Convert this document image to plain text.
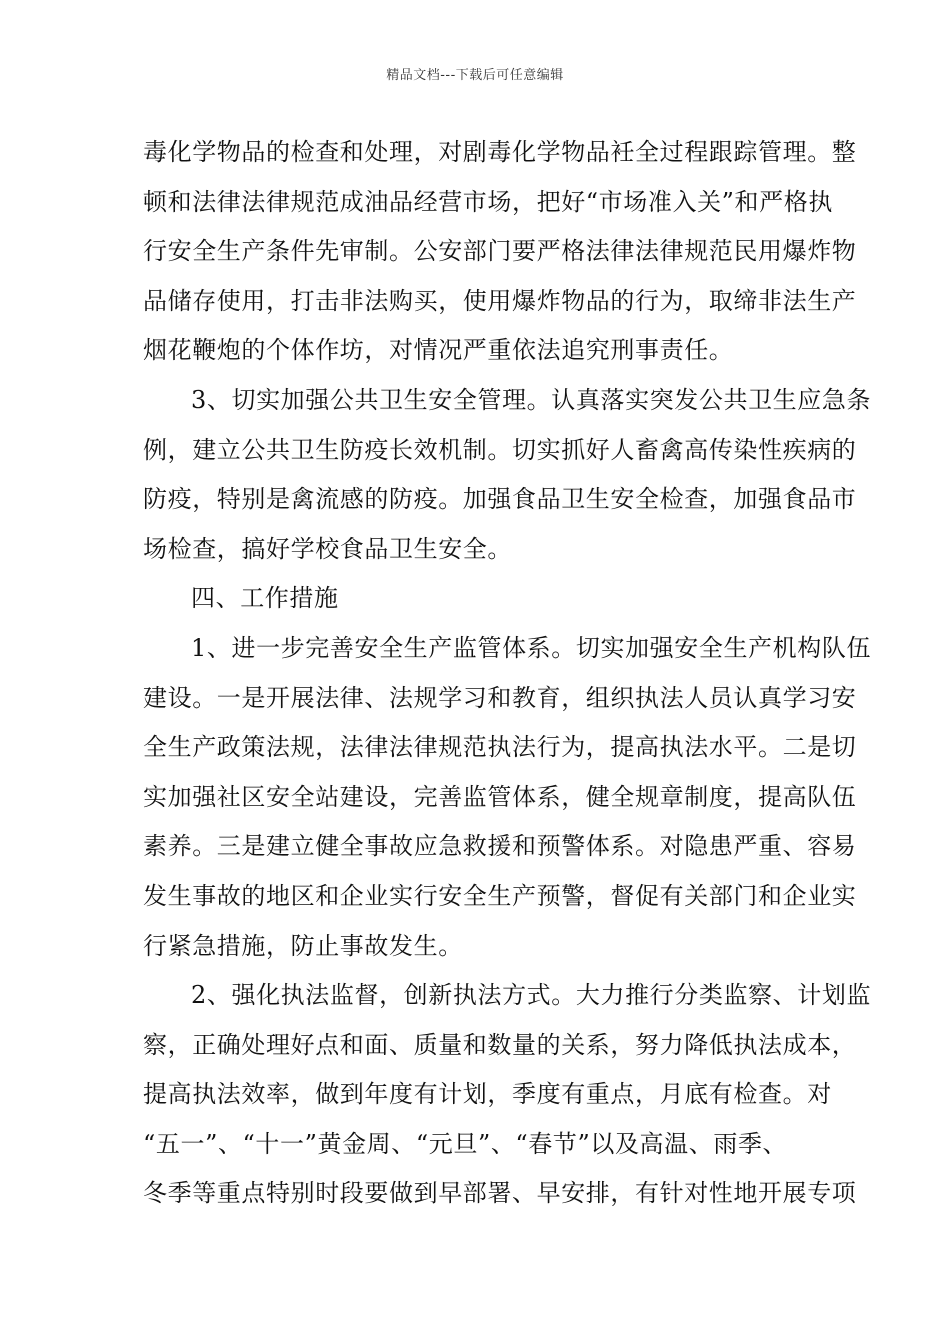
精品文档---下载后可任意编辑
毒化学物品的检查和处理，对剧毒化学物品衽全过程跟踪管理。整
顿和法律法律规范成油品经营市场，把好“市场准入关”和严格执
行安全生产条件先审制。公安部门要严格法律法律规范民用爆炸物
品储存使用，打击非法购买，使用爆炸物品的行为，取缔非法生产
烟花鞭炮的个体作坊，对情况严重依法追究刑事责任。
3、切实加强公共卫生安全管理。认真落实突发公共卫生应急条
例，建立公共卫生防疫长效机制。切实抓好人畜禽高传染性疾病的
防疫，特别是禽流感的防疫。加强食品卫生安全检查，加强食品市
场检查，搞好学校食品卫生安全。
四、工作措施
1、进一步完善安全生产监管体系。切实加强安全生产机构队伍
建设。一是开展法律、法规学习和教育，组织执法人员认真学习安
全生产政策法规，法律法律规范执法行为，提高执法水平。二是切
实加强社区安全站建设，完善监管体系，健全规章制度，提高队伍
素养。三是建立健全事故应急救援和预警体系。对隐患严重、容易
发生事故的地区和企业实行安全生产预警，督促有关部门和企业实
行紧急措施，防止事故发生。
2、强化执法监督，创新执法方式。大力推行分类监察、计划监
察，正确处理好点和面、质量和数量的关系，努力降低执法成本，
提高执法效率，做到年度有计划，季度有重点，月底有检查。对
“五一”、“十一”黄金周、“元旦”、“春节”以及高温、雨季、
冬季等重点特别时段要做到早部署、早安排，有针对性地开展专项
